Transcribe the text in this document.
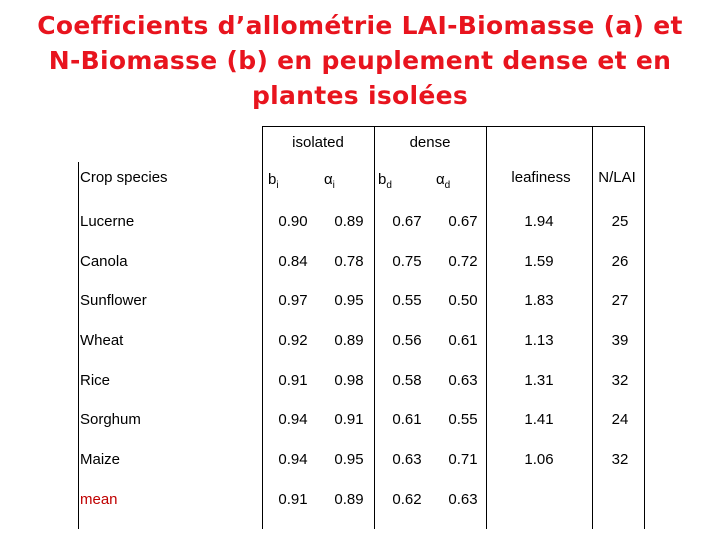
Coefficients d’allométrie LAI-Biomasse (a) et
N-Biomasse (b) en peuplement dense et en
plantes isolées
isolated	dense
Crop species	$b_i$	$\alpha_i$	$b_d$	$\alpha_d$	leafiness	N/LAI
Lucerne	0.90	0.89	0.67	0.67	1.94	25
Canola	0.84	0.78	0.75	0.72	1.59	26
Sunflower	0.97	0.95	0.55	0.50	1.83	27
Wheat	0.92	0.89	0.56	0.61	1.13	39
Rice	0.91	0.98	0.58	0.63	1.31	32
Sorghum	0.94	0.91	0.61	0.55	1.41	24
Maize	0.94	0.95	0.63	0.71	1.06	32
mean	0.91	0.89	0.62	0.63
